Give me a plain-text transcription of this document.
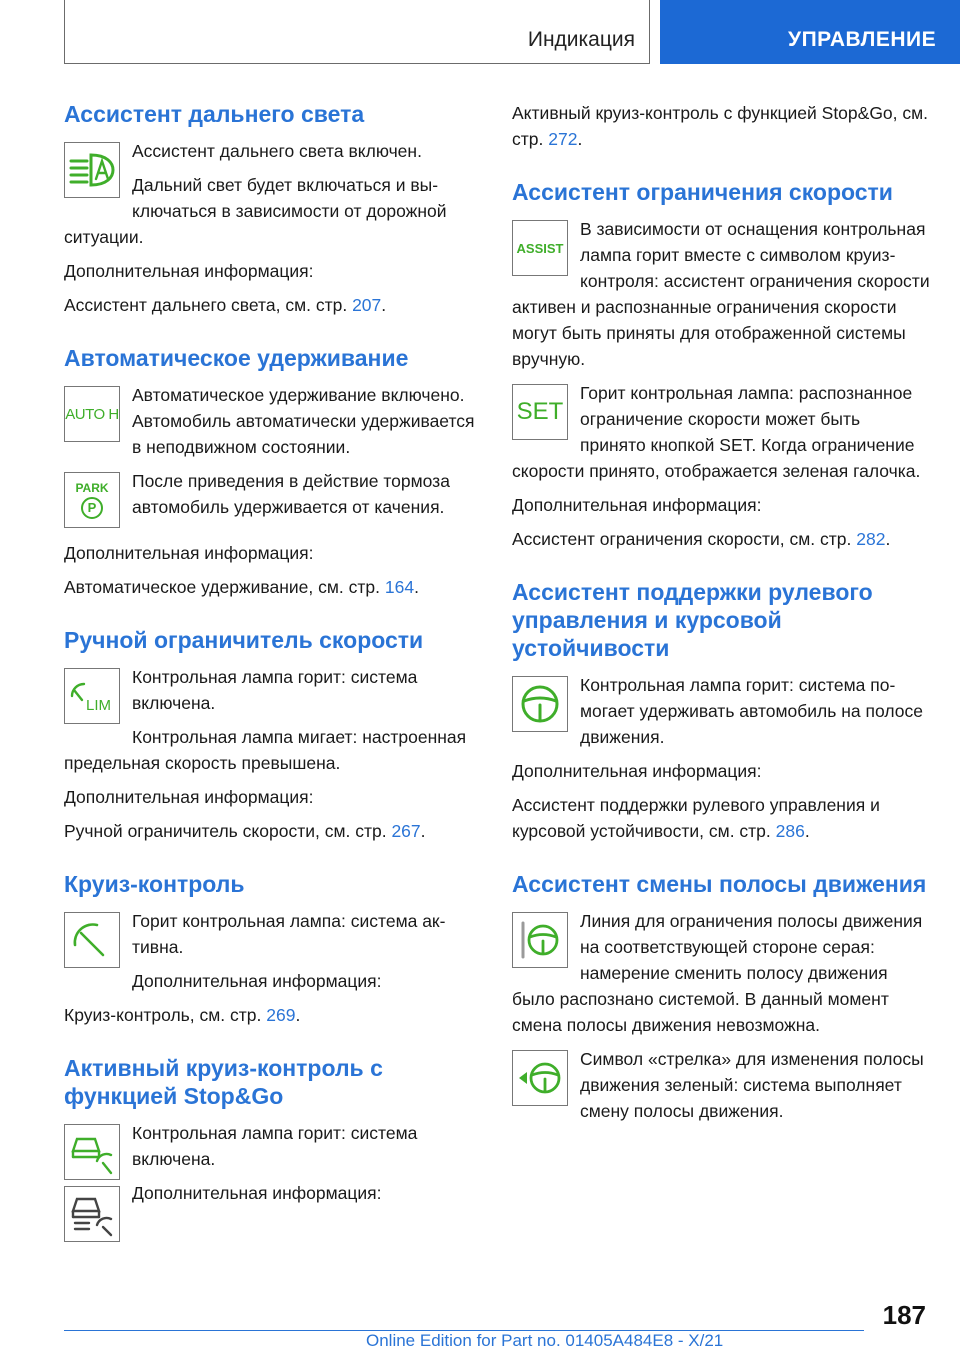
Индикация	УПРАВЛЕНИЕ
Ассистент дальнего света
Ассистент дальнего света включен.
Дальний свет будет включаться и выключаться в зависимости от дорожной ситуации.
Дополнительная информация:
Ассистент дальнего света, см. стр. 207.
Автоматическое удерживание
AUTO H
Автоматическое удерживание включено. Автомобиль автоматически удерживается в неподвижном состоянии.
PARK
P
После приведения в действие тормоза автомобиль удерживается от качения.
Дополнительная информация:
Автоматическое удерживание, см. стр. 164.
Ручной ограничитель скорости
LIM
Контрольная лампа горит: система включена.
Контрольная лампа мигает: настроенная предельная скорость превышена.
Дополнительная информация:
Ручной ограничитель скорости, см. стр. 267.
Круиз-контроль
Горит контрольная лампа: система активна.
Дополнительная информация:
Круиз-контроль, см. стр. 269.
Активный круиз-контроль с функцией Stop&Go
Контрольная лампа горит: система включена.
Дополнительная информация:
Активный круиз-контроль с функцией Stop&Go, см. стр. 272.
Ассистент ограничения скорости
ASSIST
В зависимости от оснащения контрольная лампа горит вместе с символом круиз-контроля: ассистент ограничения скорости активен и распознанные ограничения скорости могут быть приняты для отображенной системы вручную.
SET
Горит контрольная лампа: распознанное ограничение скорости может быть принято кнопкой SET. Когда ограничение скорости принято, отображается зеленая галочка.
Дополнительная информация:
Ассистент ограничения скорости, см. стр. 282.
Ассистент поддержки рулевого управления и курсовой устойчивости
Контрольная лампа горит: система помогает удерживать автомобиль на полосе движения.
Дополнительная информация:
Ассистент поддержки рулевого управления и курсовой устойчивости, см. стр. 286.
Ассистент смены полосы движения
Линия для ограничения полосы движения на соответствующей стороне серая: намерение сменить полосу движения было распознано системой. В данный момент смена полосы движения невозможна.
Символ «стрелка» для изменения полосы движения зеленый: система выполняет смену полосы движения.
187
Online Edition for Part no. 01405A484E8 - X/21
